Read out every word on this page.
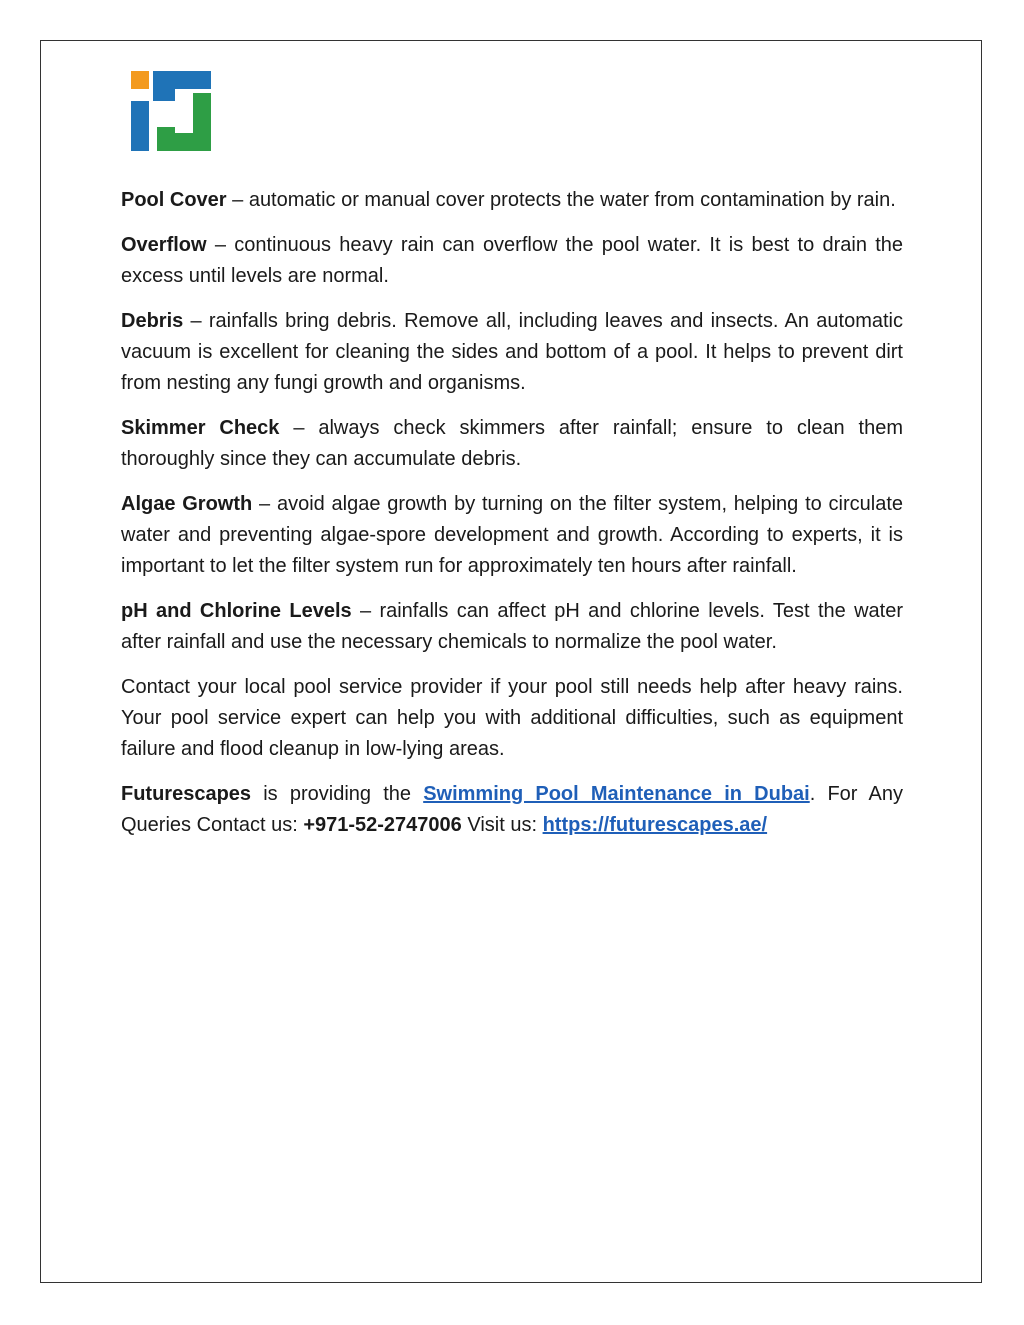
Pool Cover – automatic or manual cover protects the water from contamination by rain.

Overflow – continuous heavy rain can overflow the pool water. It is best to drain the excess until levels are normal.

Debris – rainfalls bring debris. Remove all, including leaves and insects. An automatic vacuum is excellent for cleaning the sides and bottom of a pool. It helps to prevent dirt from nesting any fungi growth and organisms.

Skimmer Check – always check skimmers after rainfall; ensure to clean them thoroughly since they can accumulate debris.

Algae Growth – avoid algae growth by turning on the filter system, helping to circulate water and preventing algae-spore development and growth. According to experts, it is important to let the filter system run for approximately ten hours after rainfall.

pH and Chlorine Levels – rainfalls can affect pH and chlorine levels. Test the water after rainfall and use the necessary chemicals to normalize the pool water.

Contact your local pool service provider if your pool still needs help after heavy rains. Your pool service expert can help you with additional difficulties, such as equipment failure and flood cleanup in low-lying areas.

Futurescapes is providing the Swimming Pool Maintenance in Dubai. For Any Queries Contact us: +971-52-2747006 Visit us: https://futurescapes.ae/
